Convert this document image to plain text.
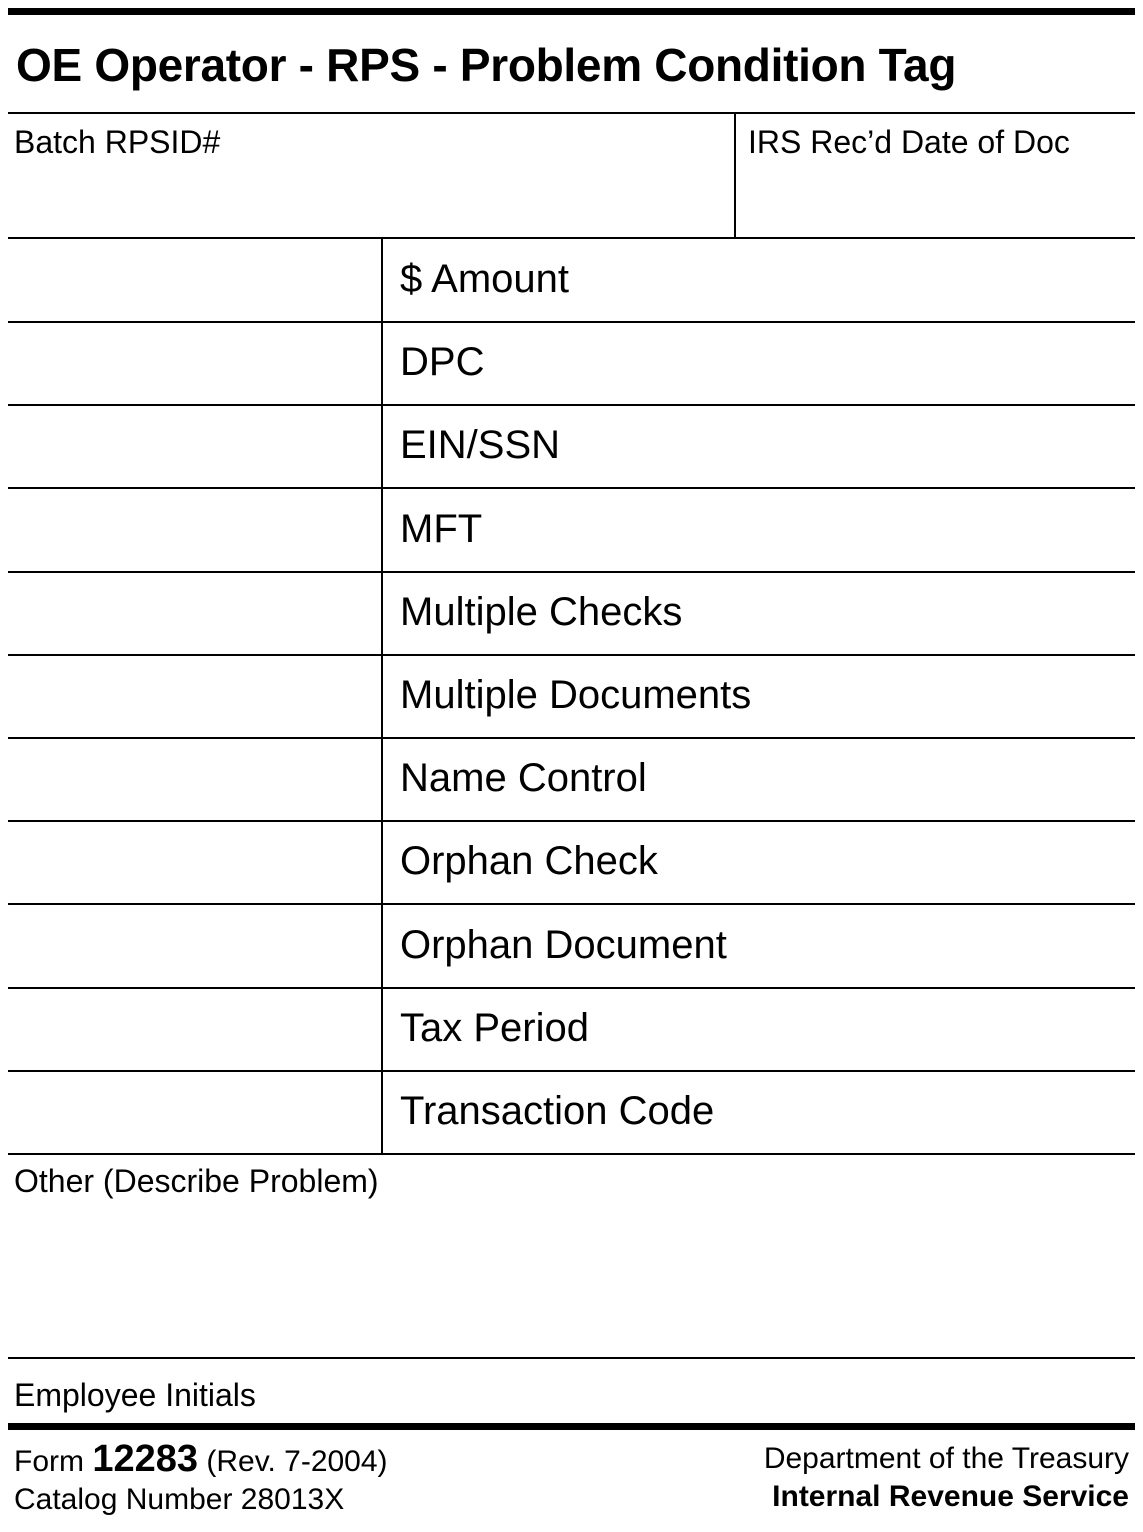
OE Operator - RPS - Problem Condition Tag
Batch RPSID#	IRS Rec’d Date of Doc
$ Amount
DPC
EIN/SSN
MFT
Multiple Checks
Multiple Documents
Name Control
Orphan Check
Orphan Document
Tax Period
Transaction Code
Other (Describe Problem)
Employee Initials
Form 12283 (Rev. 7-2004)
Catalog Number 28013X
Department of the Treasury
Internal Revenue Service
